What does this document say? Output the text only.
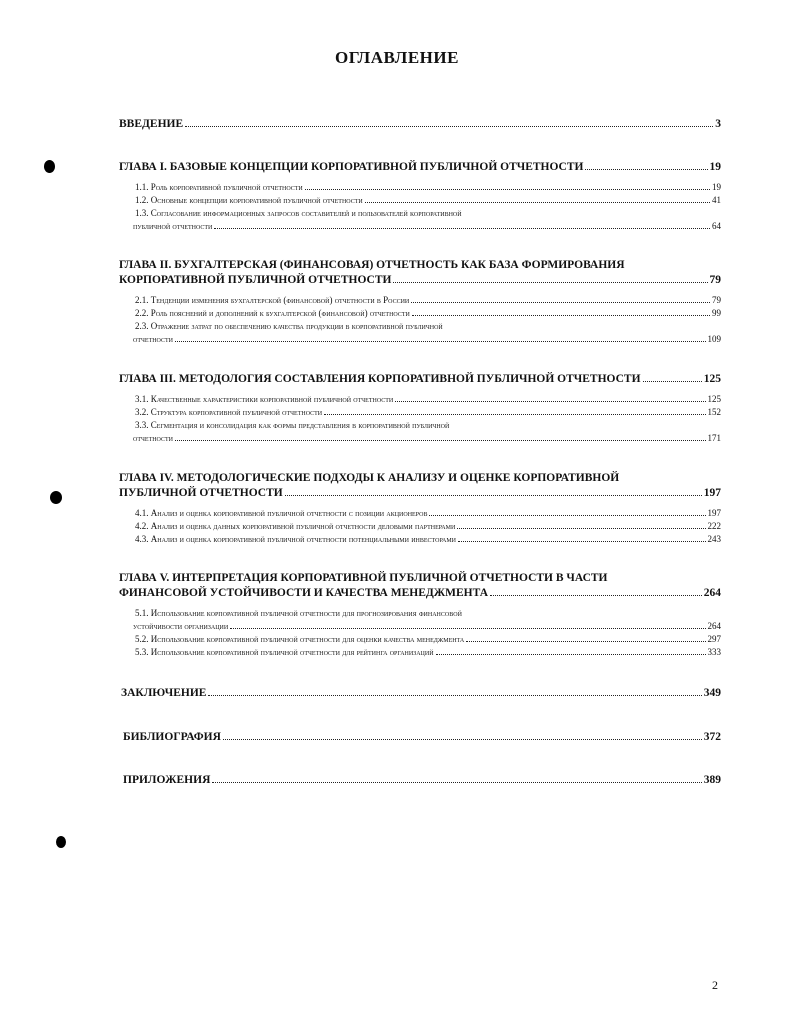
ОГЛАВЛЕНИЕ
ВВЕДЕНИЕ	3
ГЛАВА I. БАЗОВЫЕ КОНЦЕПЦИИ КОРПОРАТИВНОЙ ПУБЛИЧНОЙ ОТЧЕТНОСТИ	19
1.1. Роль корпоративной публичной отчетности	19
1.2. Основные концепции корпоративной публичной отчетности	41
1.3. Согласование информационных запросов составителей и пользователей корпоративной
публичной отчетности	64
ГЛАВА II. БУХГАЛТЕРСКАЯ (ФИНАНСОВАЯ) ОТЧЕТНОСТЬ КАК БАЗА ФОРМИРОВАНИЯ
КОРПОРАТИВНОЙ ПУБЛИЧНОЙ ОТЧЕТНОСТИ	79
2.1. Тенденции изменения бухгалтерской (финансовой) отчетности в России	79
2.2. Роль пояснений и дополнений к бухгалтерской (финансовой) отчетности	99
2.3. Отражение затрат по обеспечению качества продукции в корпоративной публичной
отчетности	109
ГЛАВА III. МЕТОДОЛОГИЯ СОСТАВЛЕНИЯ КОРПОРАТИВНОЙ ПУБЛИЧНОЙ ОТЧЕТНОСТИ	125
3.1. Качественные характеристики корпоративной публичной отчетности	125
3.2. Структура корпоративной публичной отчетности	152
3.3. Сегментация и консолидация как формы представления в корпоративной публичной
отчетности	171
ГЛАВА IV. МЕТОДОЛОГИЧЕСКИЕ ПОДХОДЫ К АНАЛИЗУ И ОЦЕНКЕ КОРПОРАТИВНОЙ
ПУБЛИЧНОЙ ОТЧЕТНОСТИ	197
4.1. Анализ и оценка корпоративной публичной отчетности с позиции акционеров	197
4.2. Анализ и оценка данных корпоративной публичной отчетности деловыми партнерами	222
4.3. Анализ и оценка корпоративной публичной отчетности потенциальными инвесторами	243
ГЛАВА V. ИНТЕРПРЕТАЦИЯ КОРПОРАТИВНОЙ ПУБЛИЧНОЙ ОТЧЕТНОСТИ В ЧАСТИ
ФИНАНСОВОЙ УСТОЙЧИВОСТИ И КАЧЕСТВА МЕНЕДЖМЕНТА	264
5.1. Использование корпоративной публичной отчетности для прогнозирования финансовой
устойчивости организации	264
5.2. Использование корпоративной публичной отчетности для оценки качества менеджмента	297
5.3. Использование корпоративной публичной отчетности для рейтинга организаций	333
ЗАКЛЮЧЕНИЕ	349
БИБЛИОГРАФИЯ	372
ПРИЛОЖЕНИЯ	389
2
